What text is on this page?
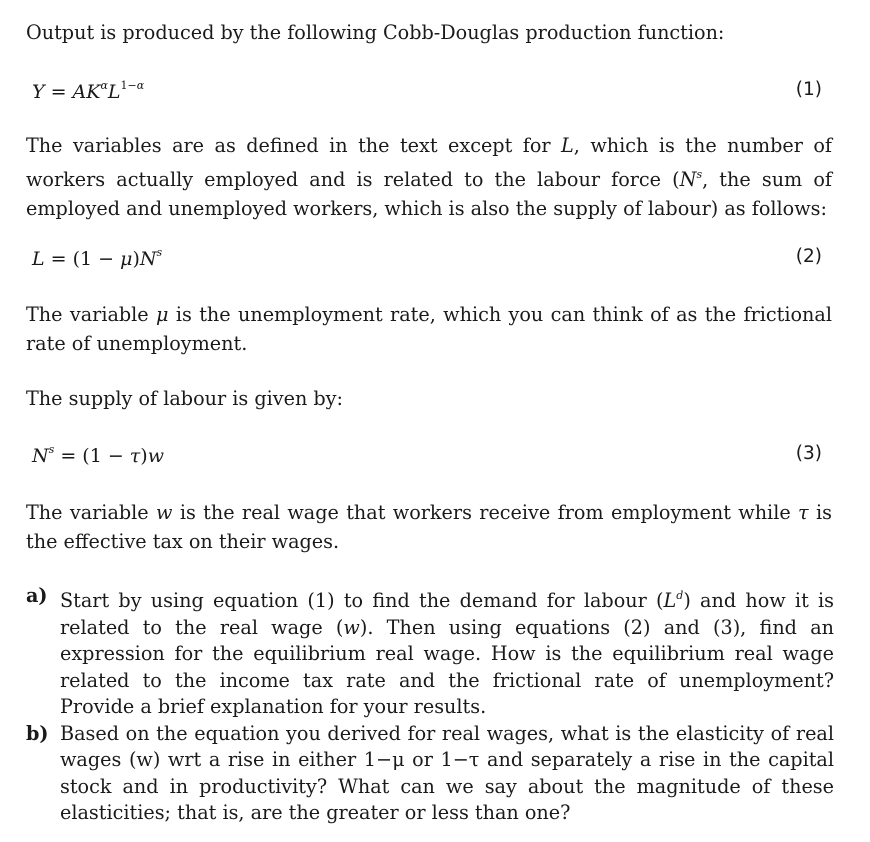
Output is produced by the following Cobb-Douglas production function:
$Y = AK^\alpha L^{1-\alpha}$	(1)
The variables are as defined in the text except for L, which is the number of workers actually employed and is related to the labour force ($N^s$, the sum of employed and unemployed workers, which is also the supply of labour) as follows:
$L = (1 - \mu)N^s$	(2)
The variable μ is the unemployment rate, which you can think of as the frictional rate of unemployment.
The supply of labour is given by:
$N^s = (1 - \tau)w$	(3)
The variable w is the real wage that workers receive from employment while τ is the effective tax on their wages.
a) Start by using equation (1) to find the demand for labour $(L^d)$ and how it is related to the real wage (w). Then using equations (2) and (3), find an expression for the equilibrium real wage. How is the equilibrium real wage related to the income tax rate and the frictional rate of unemployment? Provide a brief explanation for your results.
b) Based on the equation you derived for real wages, what is the elasticity of real wages (w) wrt a rise in either 1−μ or 1−τ and separately a rise in the capital stock and in productivity? What can we say about the magnitude of these elasticities; that is, are the greater or less than one?
